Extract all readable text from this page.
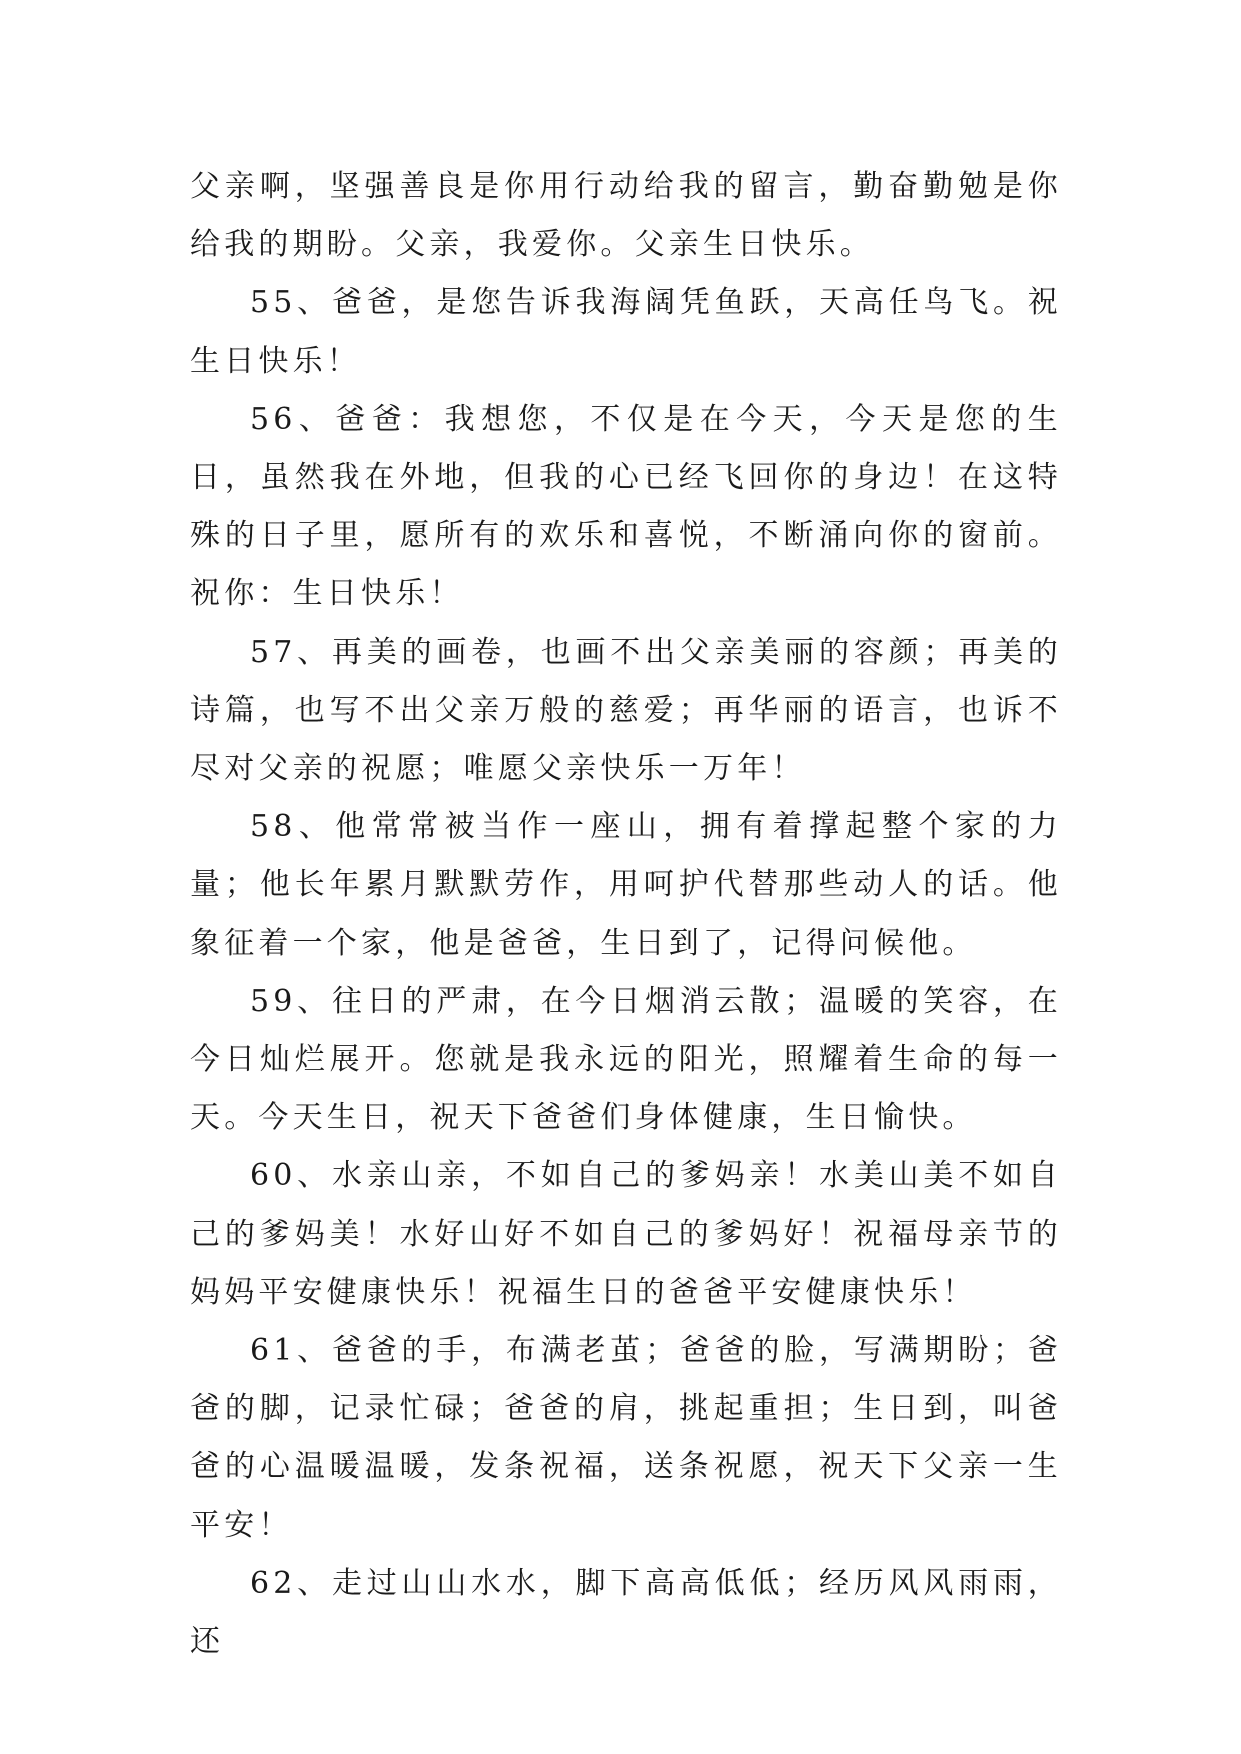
父亲啊，坚强善良是你用行动给我的留言，勤奋勤勉是你给我的期盼。父亲，我爱你。父亲生日快乐。

55、爸爸，是您告诉我海阔凭鱼跃，天高任鸟飞。祝生日快乐！

56、爸爸：我想您，不仅是在今天，今天是您的生日，虽然我在外地，但我的心已经飞回你的身边！在这特殊的日子里，愿所有的欢乐和喜悦，不断涌向你的窗前。祝你：生日快乐！

57、再美的画卷，也画不出父亲美丽的容颜；再美的诗篇，也写不出父亲万般的慈爱；再华丽的语言，也诉不尽对父亲的祝愿；唯愿父亲快乐一万年！

58、他常常被当作一座山，拥有着撑起整个家的力量；他长年累月默默劳作，用呵护代替那些动人的话。他象征着一个家，他是爸爸，生日到了，记得问候他。

59、往日的严肃，在今日烟消云散；温暖的笑容，在今日灿烂展开。您就是我永远的阳光，照耀着生命的每一天。今天生日，祝天下爸爸们身体健康，生日愉快。

60、水亲山亲，不如自己的爹妈亲！水美山美不如自己的爹妈美！水好山好不如自己的爹妈好！祝福母亲节的妈妈平安健康快乐！祝福生日的爸爸平安健康快乐！

61、爸爸的手，布满老茧；爸爸的脸，写满期盼；爸爸的脚，记录忙碌；爸爸的肩，挑起重担；生日到，叫爸爸的心温暖温暖，发条祝福，送条祝愿，祝天下父亲一生平安！

62、走过山山水水，脚下高高低低；经历风风雨雨，还
